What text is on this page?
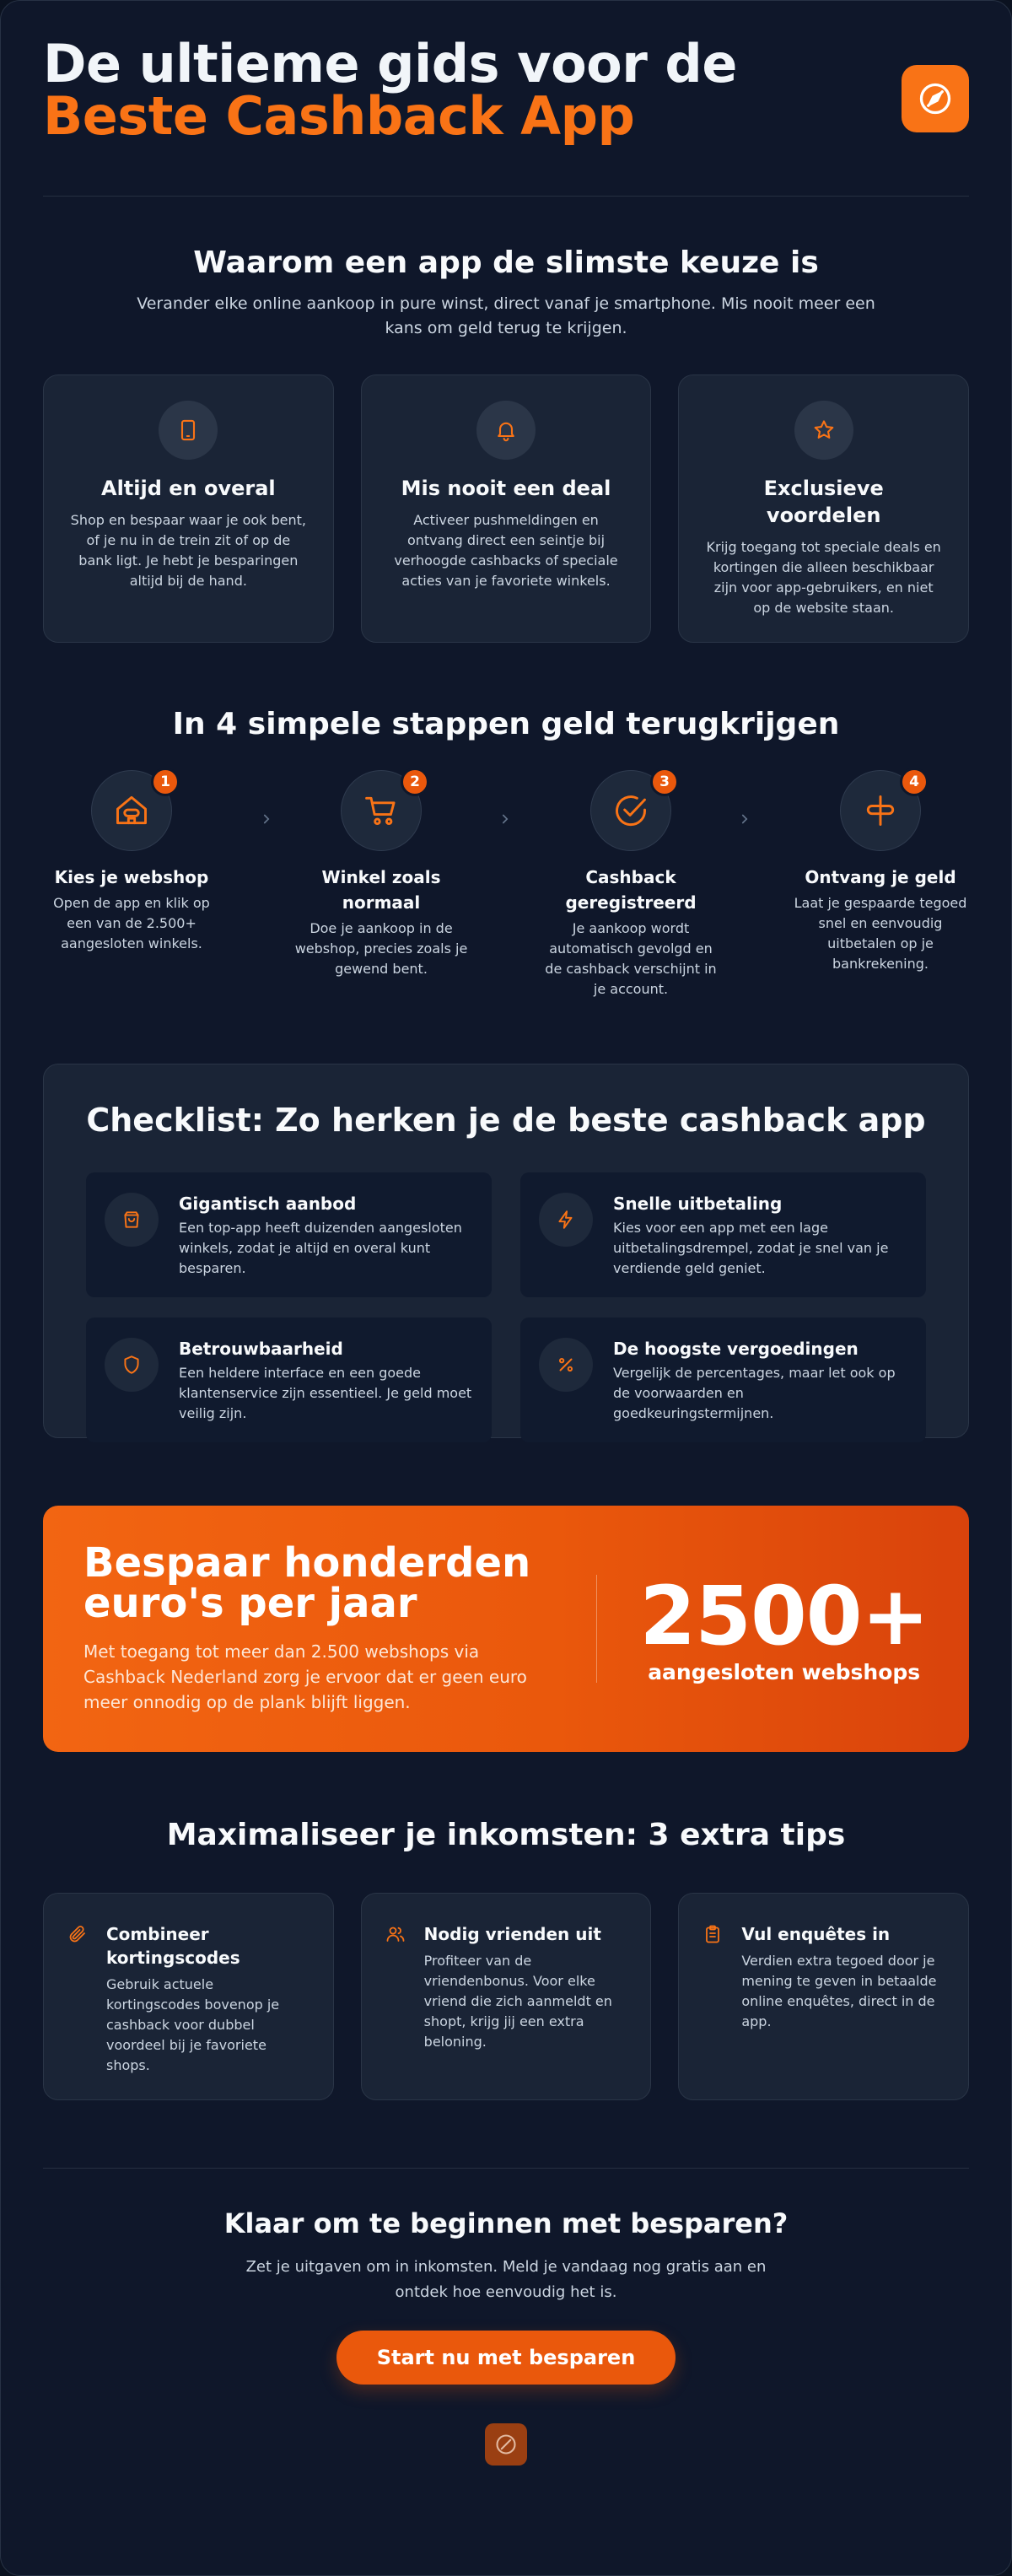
De ultieme gids voor de
Beste Cashback App
Waarom een app de slimste keuze is

Verander elke online aankoop in pure winst, direct vanaf je smartphone. Mis nooit meer een kans om geld terug te krijgen.

Altijd en overal

Shop en bespaar waar je ook bent, of je nu in de trein zit of op de bank ligt. Je hebt je besparingen altijd bij de hand.

Mis nooit een deal

Activeer pushmeldingen en ontvang direct een seintje bij verhoogde cashbacks of speciale acties van je favoriete winkels.

Exclusieve voordelen

Krijg toegang tot speciale deals en kortingen die alleen beschikbaar zijn voor app-gebruikers, en niet op de website staan.

In 4 simpele stappen geld terugkrijgen
1
Kies je webshop

Open de app en klik op een van de 2.500+ aangesloten winkels.

2
Winkel zoals normaal

Doe je aankoop in de webshop, precies zoals je gewend bent.

3
Cashback geregistreerd

Je aankoop wordt automatisch gevolgd en de cashback verschijnt in je account.

4
Ontvang je geld

Laat je gespaarde tegoed snel en eenvoudig uitbetalen op je bankrekening.

Checklist: Zo herken je de beste cashback app
Gigantisch aanbod

Een top-app heeft duizenden aangesloten winkels, zodat je altijd en overal kunt besparen.

Snelle uitbetaling

Kies voor een app met een lage uitbetalingsdrempel, zodat je snel van je verdiende geld geniet.

Betrouwbaarheid

Een heldere interface en een goede klantenservice zijn essentieel. Je geld moet veilig zijn.

De hoogste vergoedingen

Vergelijk de percentages, maar let ook op de voorwaarden en goedkeuringstermijnen.

Bespaar honderden euro's per jaar

Met toegang tot meer dan 2.500 webshops via Cashback Nederland zorg je ervoor dat er geen euro meer onnodig op de plank blijft liggen.

2500+
aangesloten webshops
Maximaliseer je inkomsten: 3 extra tips
Combineer kortingscodes

Gebruik actuele kortingscodes bovenop je cashback voor dubbel voordeel bij je favoriete shops.

Nodig vrienden uit

Profiteer van de vriendenbonus. Voor elke vriend die zich aanmeldt en shopt, krijg jij een extra beloning.

Vul enquêtes in

Verdien extra tegoed door je mening te geven in betaalde online enquêtes, direct in de app.

Klaar om te beginnen met besparen?

Zet je uitgaven om in inkomsten. Meld je vandaag nog gratis aan en ontdek hoe eenvoudig het is.

Start nu met besparen
